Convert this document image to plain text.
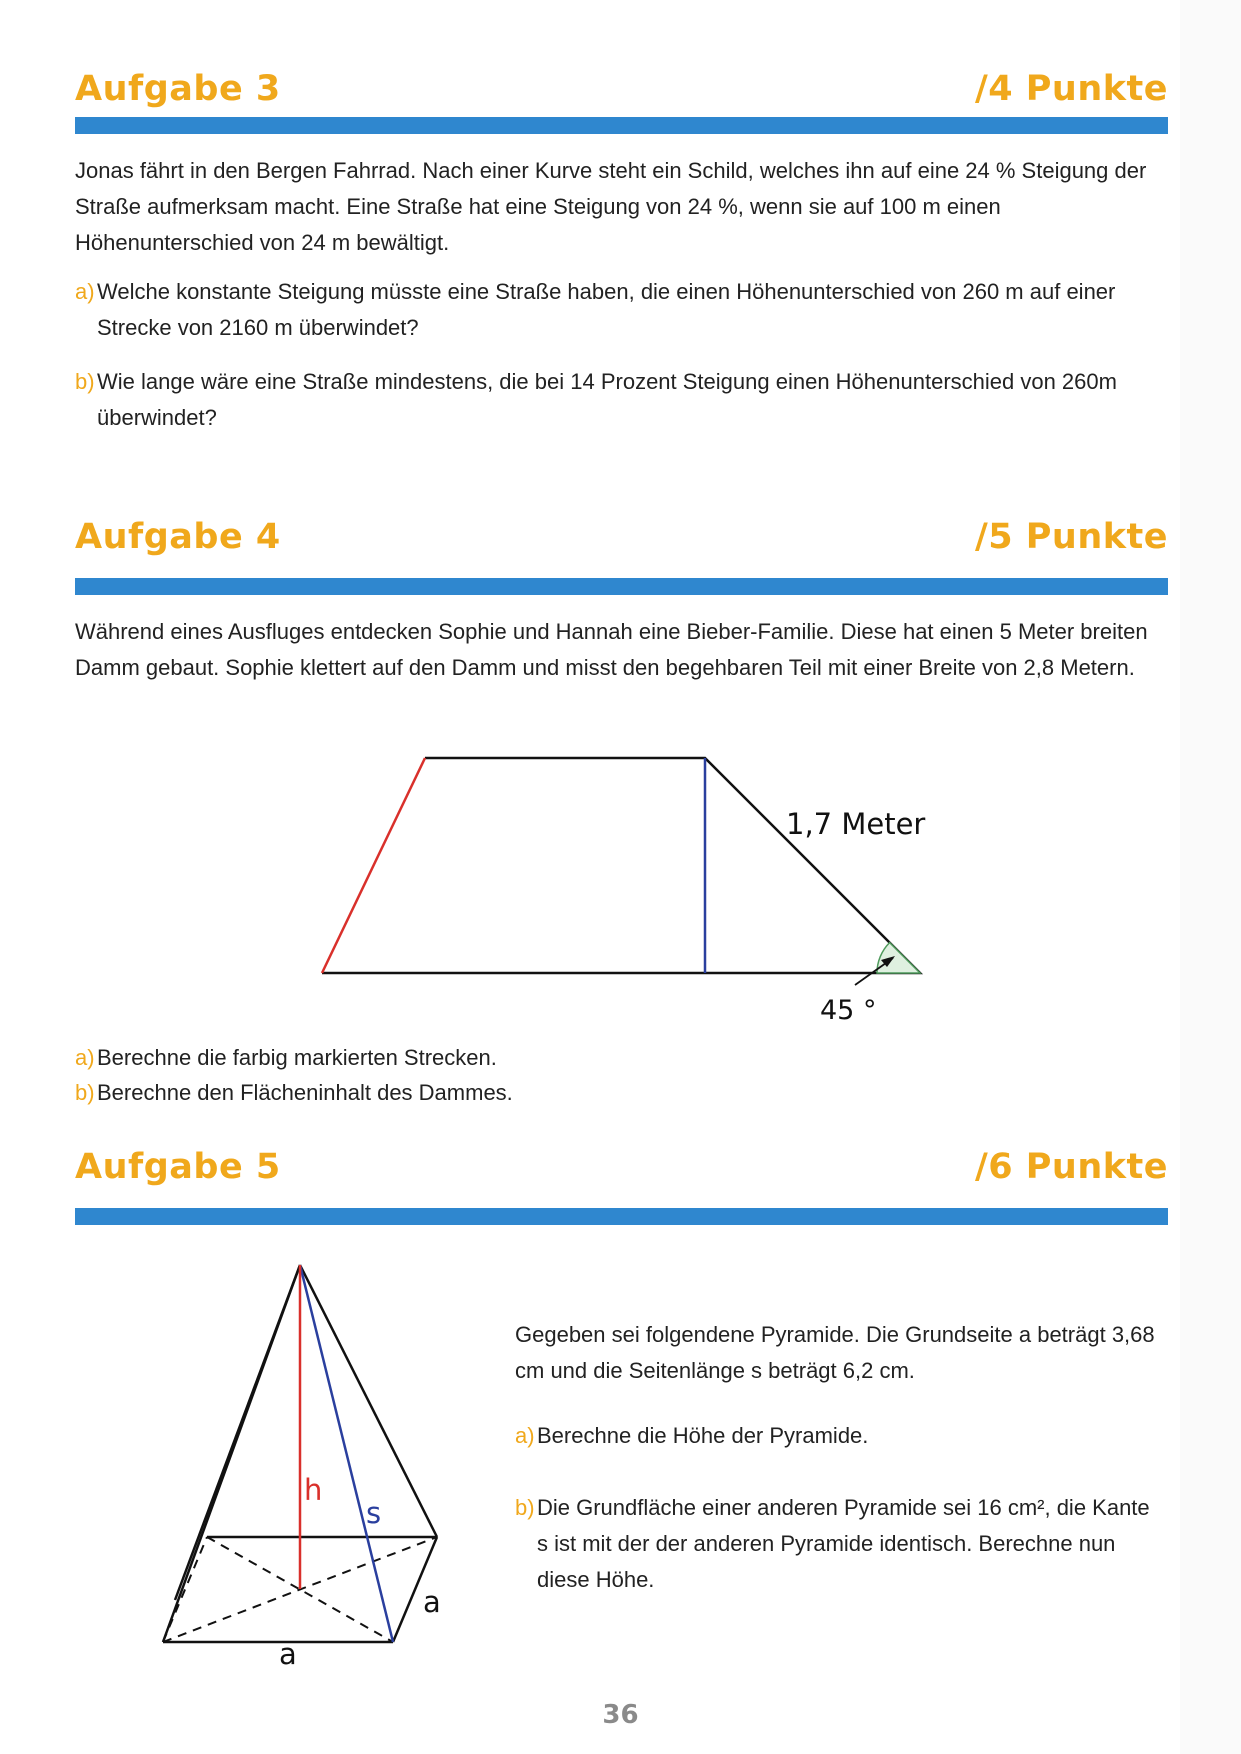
Aufgabe 3	/4 Punkte

Jonas fährt in den Bergen Fahrrad. Nach einer Kurve steht ein Schild, welches ihn auf eine 24 % Steigung der Straße aufmerksam macht. Eine Straße hat eine Steigung von 24 %, wenn sie auf 100 m einen Höhenunterschied von 24 m bewältigt.

a) Welche konstante Steigung müsste eine Straße haben, die einen Höhenunterschied von 260 m auf einer Strecke von 2160 m überwindet?
b) Wie lange wäre eine Straße mindestens, die bei 14 Prozent Steigung einen Höhenunterschied von 260m überwindet?
Aufgabe 4	/5 Punkte

Während eines Ausfluges entdecken Sophie und Hannah eine Bieber-Familie. Diese hat einen 5 Meter breiten Damm gebaut. Sophie klettert auf den Damm und misst den begehbaren Teil mit einer Breite von 2,8 Metern.

a) Berechne die farbig markierten Strecken.
b) Berechne den Flächeninhalt des Dammes.
Aufgabe 5	/6 Punkte

Gegeben sei folgendene Pyramide. Die Grundseite a beträgt 3,68 cm und die Seitenlänge s beträgt 6,2 cm.

a) Berechne die Höhe der Pyramide.
b) Die Grundfläche einer anderen Pyramide sei 16 cm², die Kante s ist mit der der anderen Pyramide identisch. Berechne nun diese Höhe.
1,7 Meter
45 °
h
s
a
a
36
